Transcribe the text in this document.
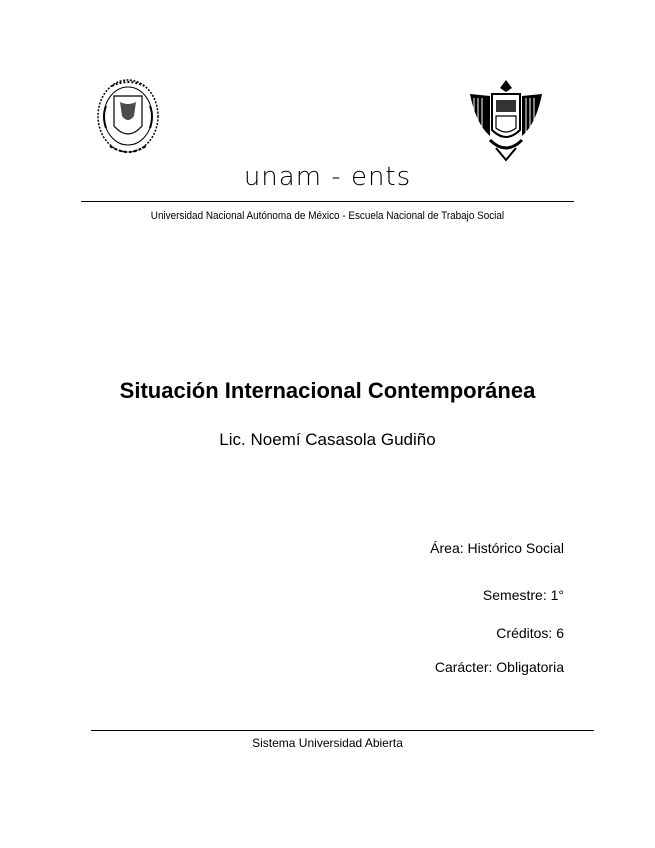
unam - ents
Universidad Nacional Autónoma de México - Escuela Nacional de Trabajo Social
Situación Internacional Contemporánea
Lic. Noemí Casasola Gudiño
Área: Histórico Social
Semestre: 1°
Créditos: 6
Carácter: Obligatoria
Sistema Universidad Abierta
